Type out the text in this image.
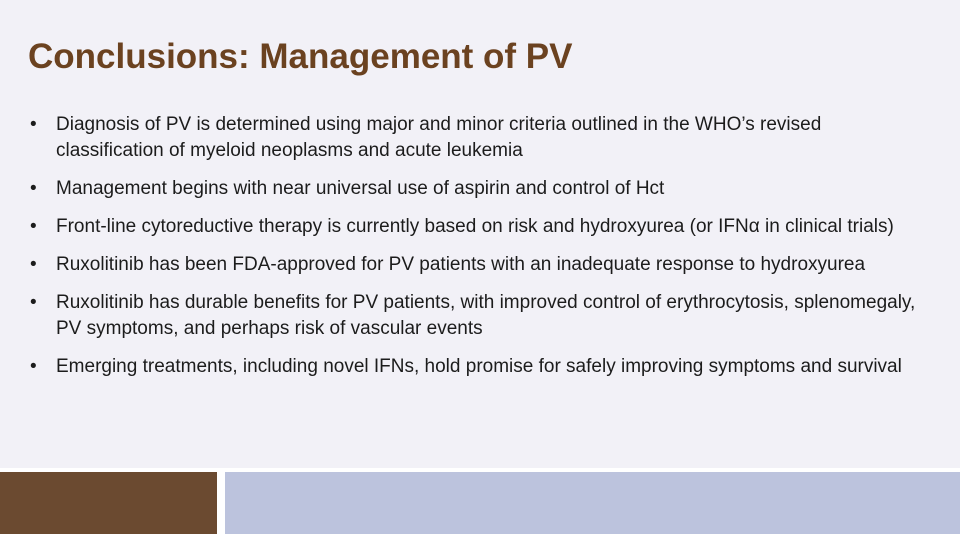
Conclusions: Management of PV
•	Diagnosis of PV is determined using major and minor criteria outlined in the WHO’s revised classification of myeloid neoplasms and acute leukemia
•	Management begins with near universal use of aspirin and control of Hct
•	Front-line cytoreductive therapy is currently based on risk and hydroxyurea (or IFNα in clinical trials)
•	Ruxolitinib has been FDA-approved for PV patients with an inadequate response to hydroxyurea
•	Ruxolitinib has durable benefits for PV patients, with improved control of erythrocytosis, splenomegaly, PV symptoms, and perhaps risk of vascular events
•	Emerging treatments, including novel IFNs, hold promise for safely improving symptoms and survival
